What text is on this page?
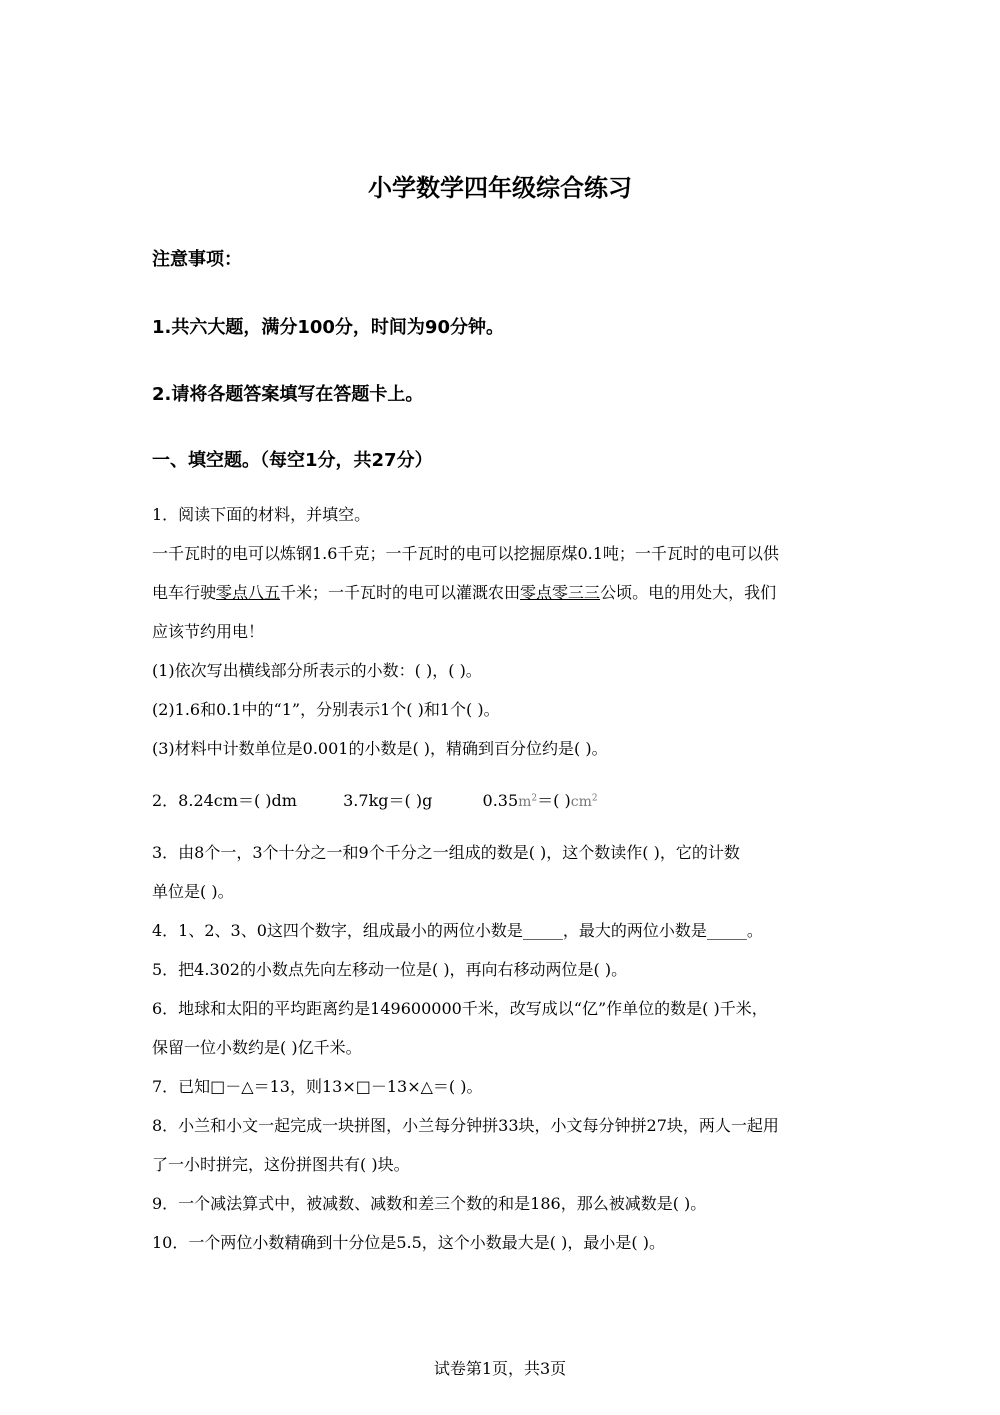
小学数学四年级综合练习
注意事项：
1.共六大题，满分100分，时间为90分钟。
2.请将各题答案填写在答题卡上。
一、填空题。（每空1分，共27分）
1．阅读下面的材料，并填空。
一千瓦时的电可以炼钢1.6千克；一千瓦时的电可以挖掘原煤0.1吨；一千瓦时的电可以供
电车行驶零点八五千米；一千瓦时的电可以灌溉农田零点零三三公顷。电的用处大，我们
应该节约用电！
(1)依次写出横线部分所表示的小数：( )，( )。
(2)1.6和0.1中的“1”，分别表示1个( )和1个( )。
(3)材料中计数单位是0.001的小数是( )，精确到百分位约是( )。
2．8.24cm＝( )dm	3.7kg＝( )g	$0.35m^2=$( )$cm^2$
3．由8个一，3个十分之一和9个千分之一组成的数是( )，这个数读作( )，它的计数
单位是( )。
4．1、2、3、0这四个数字，组成最小的两位小数是_____，最大的两位小数是_____。
5．把4.302的小数点先向左移动一位是( )，再向右移动两位是( )。
6．地球和太阳的平均距离约是149600000千米，改写成以“亿”作单位的数是( )千米，
保留一位小数约是( )亿千米。
7．已知□－△＝13，则13×□－13×△＝( )。
8．小兰和小文一起完成一块拼图，小兰每分钟拼33块，小文每分钟拼27块，两人一起用
了一小时拼完，这份拼图共有( )块。
9．一个减法算式中，被减数、减数和差三个数的和是186，那么被减数是( )。
10．一个两位小数精确到十分位是5.5，这个小数最大是( )，最小是( )。
试卷第1页，共3页
